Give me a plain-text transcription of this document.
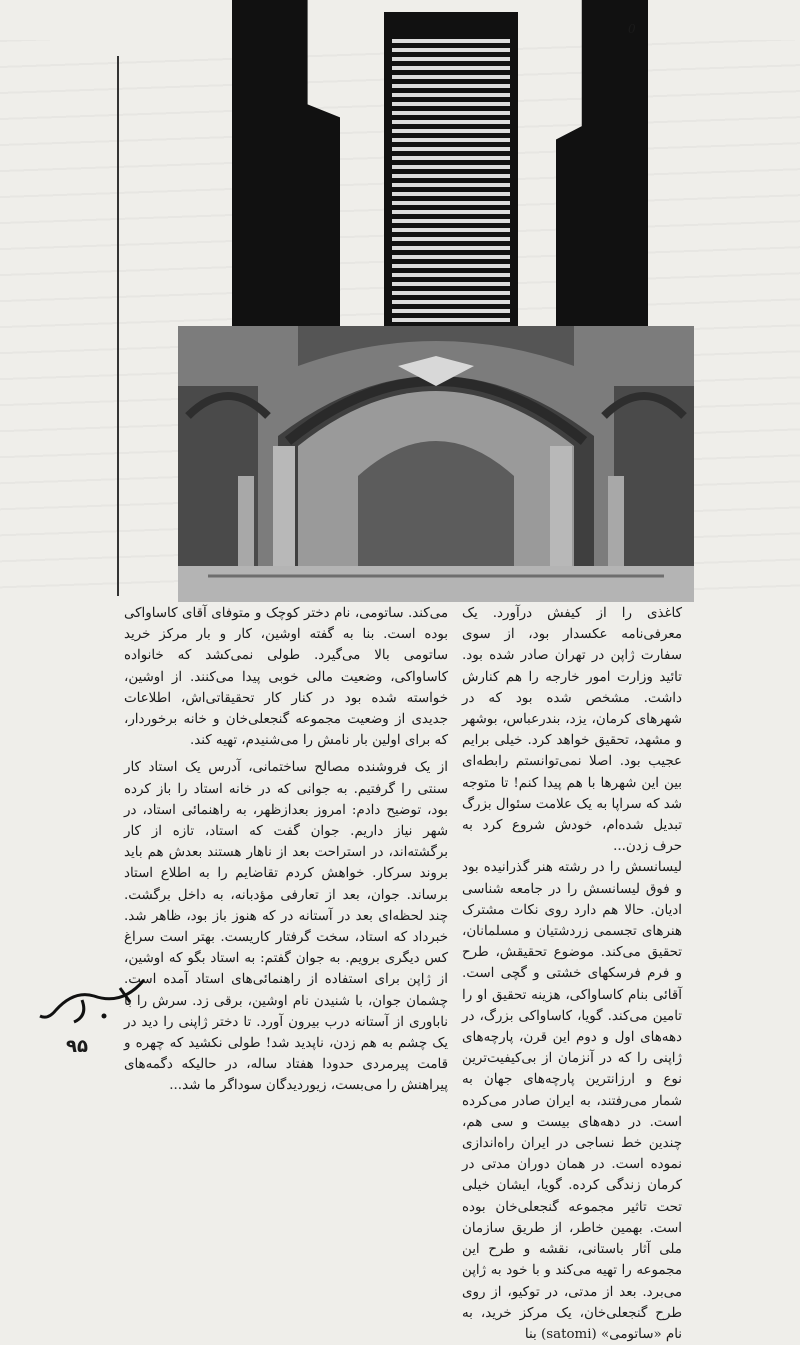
0

کاغذی را از کیفش درآورد. یک معرفی‌نامه عکسدار بود، از سوی سفارت ژاپن در تهران صادر شده بود. تائید وزارت امور خارجه را هم کنارش داشت. مشخص شده بود که در شهرهای کرمان، یزد، بندرعباس، بوشهر و مشهد، تحقیق خواهد کرد. خیلی برایم عجیب بود. اصلا نمی‌توانستم رابطه‌ای بین این شهرها با هم پیدا کنم! تا متوجه شد که سراپا به یک علامت سئوال بزرگ تبدیل شده‌ام، خودش شروع کرد به حرف زدن...

لیسانسش را در رشته هنر گذرانیده بود و فوق لیسانسش را در جامعه شناسی ادیان. حالا هم دارد روی نکات مشترک هنرهای تجسمی زردشتیان و مسلمانان، تحقیق می‌کند. موضوع تحقیقش، طرح و فرم فرسکهای خشتی و گچی است. آقائی بنام کاساواکی، هزینه تحقیق او را تامین می‌کند. گویا، کاساواکی بزرگ، در دهه‌های اول و دوم این قرن، پارچه‌های ژاپنی را که در آنزمان از بی‌کیفیت‌ترین نوع و ارزانترین پارچه‌های جهان به شمار می‌رفتند، به ایران صادر می‌کرده است. در دهه‌های بیست و سی هم، چندین خط نساجی در ایران راه‌اندازی نموده است. در همان دوران مدتی در کرمان زندگی کرده. گویا، ایشان خیلی تحت تاثیر مجموعه گنجعلی‌خان بوده است. بهمین خاطر، از طریق سازمان ملی آثار باستانی، نقشه و طرح این مجموعه را تهیه می‌کند و با خود به ژاپن می‌برد. بعد از مدتی، در توکیو، از روی طرح گنجعلی‌خان، یک مرکز خرید، به نام «ساتومی» (satomi) بنا

می‌کند. ساتومی، نام دختر کوچک و متوفای آقای کاساواکی بوده است. بنا به گفته اوشین، کار و بار مرکز خرید ساتومی بالا می‌گیرد. طولی نمی‌کشد که خانواده کاساواکی، وضعیت مالی خوبی پیدا می‌کنند. از اوشین، خواسته شده بود در کنار کار تحقیقاتی‌اش، اطلاعات جدیدی از وضعیت مجموعه گنجعلی‌خان و خانه برخوردار، که برای اولین بار نامش را می‌شنیدم، تهیه کند.

از یک فروشنده مصالح ساختمانی، آدرس یک استاد کار سنتی را گرفتیم. به جوانی که در خانه استاد را باز کرده بود، توضیح دادم: امروز بعدازظهر، به راهنمائی استاد، در شهر نیاز داریم. جوان گفت که استاد، تازه از کار برگشته‌اند، در استراحت بعد از ناهار هستند بعدش هم باید بروند سرکار. خواهش کردم تقاضایم را به اطلاع استاد برساند. جوان، بعد از تعارفی مؤدبانه، به داخل برگشت. چند لحظه‌ای بعد در آستانه در که هنوز باز بود، ظاهر شد. خبرداد که استاد، سخت گرفتار کاریست. بهتر است سراغ کس دیگری برویم. به جوان گفتم: به استاد بگو که اوشین، از ژاپن برای استفاده از راهنمائی‌های استاد آمده است. چشمان جوان، با شنیدن نام اوشین، برقی زد. سرش را با ناباوری از آستانه درب بیرون آورد. تا دختر ژاپنی را دید در یک چشم به هم زدن، ناپدید شد! طولی نکشید که چهره و قامت پیرمردی حدودا هفتاد ساله، در حالیکه دگمه‌های پیراهنش را می‌بست، زیوردیدگان سوداگر ما شد...

۹۵
